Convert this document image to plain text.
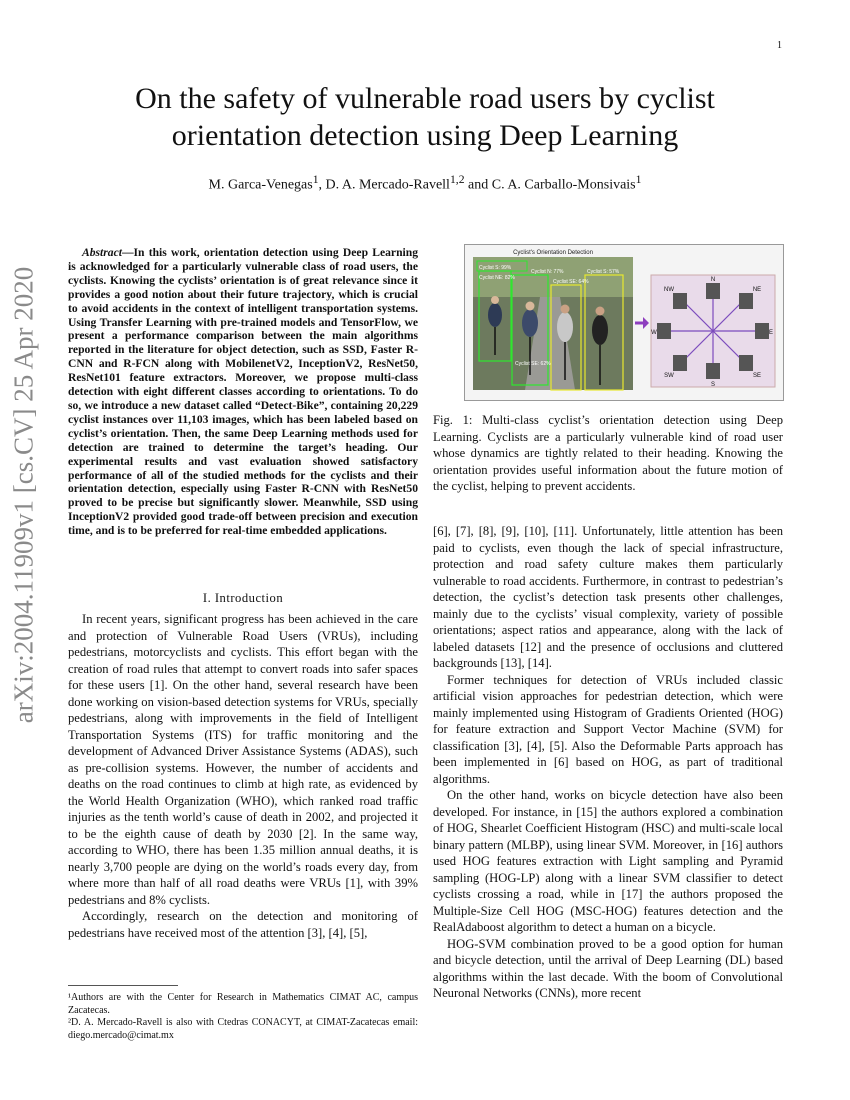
1
arXiv:2004.11909v1 [cs.CV] 25 Apr 2020
On the safety of vulnerable road users by cyclist
orientation detection using Deep Learning
M. Garca-Venegas$^1$, D. A. Mercado-Ravell$^{1,2}$ and C. A. Carballo-Monsivais$^1$

Abstract—In this work, orientation detection using Deep Learning is acknowledged for a particularly vulnerable class of road users, the cyclists. Knowing the cyclists’ orientation is of great relevance since it provides a good notion about their future trajectory, which is crucial to avoid accidents in the context of intelligent transportation systems. Using Transfer Learning with pre-trained models and TensorFlow, we present a performance comparison between the main algorithms reported in the literature for object detection, such as SSD, Faster R-CNN and R-FCN along with MobilenetV2, InceptionV2, ResNet50, ResNet101 feature extractors. Moreover, we propose multi-class detection with eight different classes according to orientations. To do so, we introduce a new dataset called “Detect-Bike”, containing 20,229 cyclist instances over 11,103 images, which has been labeled based on cyclist’s orientation. Then, the same Deep Learning methods used for detection are trained to determine the target’s heading. Our experimental results and vast evaluation showed satisfactory performance of all of the studied methods for the cyclists and their orientation detection, especially using Faster R-CNN with ResNet50 proved to be precise but significantly slower. Meanwhile, SSD using InceptionV2 provided good trade-off between precision and execution time, and is to be preferred for real-time embedded applications.

I. Introduction

In recent years, significant progress has been achieved in the care and protection of Vulnerable Road Users (VRUs), including pedestrians, motorcyclists and cyclists. This effort began with the creation of road rules that attempt to convert roads into safer spaces for these users [1]. On the other hand, several research have been done working on vision-based detection systems for VRUs, specially pedestrians, along with improvements in the field of Intelligent Transportation Systems (ITS) for traffic monitoring and the development of Advanced Driver Assistance Systems (ADAS), such as pre-collision systems. However, the number of accidents and deaths on the road continues to climb at high rate, as evidenced by the World Health Organization (WHO), which ranked road traffic injuries as the tenth world’s cause of death in 2002, and projected it to be the eighth cause of death by 2030 [2]. In the same way, according to WHO, there has been 1.35 million annual deaths, it is nearly 3,700 people are dying on the world’s roads every day, from where more than half of all road deaths were VRUs [1], with 39% pedestrians and 8% cyclists.

Accordingly, research on the detection and monitoring of pedestrians have received most of the attention [3], [4], [5],

¹Authors are with the Center for Research in Mathematics CIMAT AC, campus Zacatecas.
²D. A. Mercado-Ravell is also with Ctedras CONACYT, at CIMAT-Zacatecas email: diego.mercado@cimat.mx
Cyclist's Orientation Detection
Cyclist S: 99%
Cyclist NE: 82%
Cyclist N: 77%	Cyclist S: 57%
Cyclist SE: 64%
Cyclist SE: 62%
N
S
E
W
NE
NW
SE
SW
Fig. 1: Multi-class cyclist’s orientation detection using Deep Learning. Cyclists are a particularly vulnerable kind of road user whose dynamics are tightly related to their heading. Knowing the orientation provides useful information about the future motion of the cyclist, helping to prevent accidents.

[6], [7], [8], [9], [10], [11]. Unfortunately, little attention has been paid to cyclists, even though the lack of special infrastructure, protection and road safety culture makes them particularly vulnerable to road accidents. Furthermore, in contrast to pedestrian’s detection, the cyclist’s detection task presents other challenges, mainly due to the cyclists’ visual complexity, variety of possible orientations; aspect ratios and appearance, along with the lack of labeled datasets [12] and the presence of occlusions and cluttered backgrounds [13], [14].

Former techniques for detection of VRUs included classic artificial vision approaches for pedestrian detection, which were mainly implemented using Histogram of Gradients Oriented (HOG) for feature extraction and Support Vector Machine (SVM) for classification [3], [4], [5]. Also the Deformable Parts approach has been implemented in [6] based on HOG, as part of traditional algorithms.

On the other hand, works on bicycle detection have also been developed. For instance, in [15] the authors explored a combination of HOG, Shearlet Coefficient Histogram (HSC) and multi-scale local binary pattern (MLBP), using linear SVM. Moreover, in [16] authors used HOG features extraction with Light sampling and Pyramid sampling (HOG-LP) along with a linear SVM classifier to detect cyclists crossing a road, while in [17] the authors proposed the Multiple-Size Cell HOG (MSC-HOG) features detection and the RealAdaboost algorithm to detect a human on a bicycle.

HOG-SVM combination proved to be a good option for human and bicycle detection, until the arrival of Deep Learning (DL) based algorithms within the last decade. With the boom of Convolutional Neuronal Networks (CNNs), more recent
